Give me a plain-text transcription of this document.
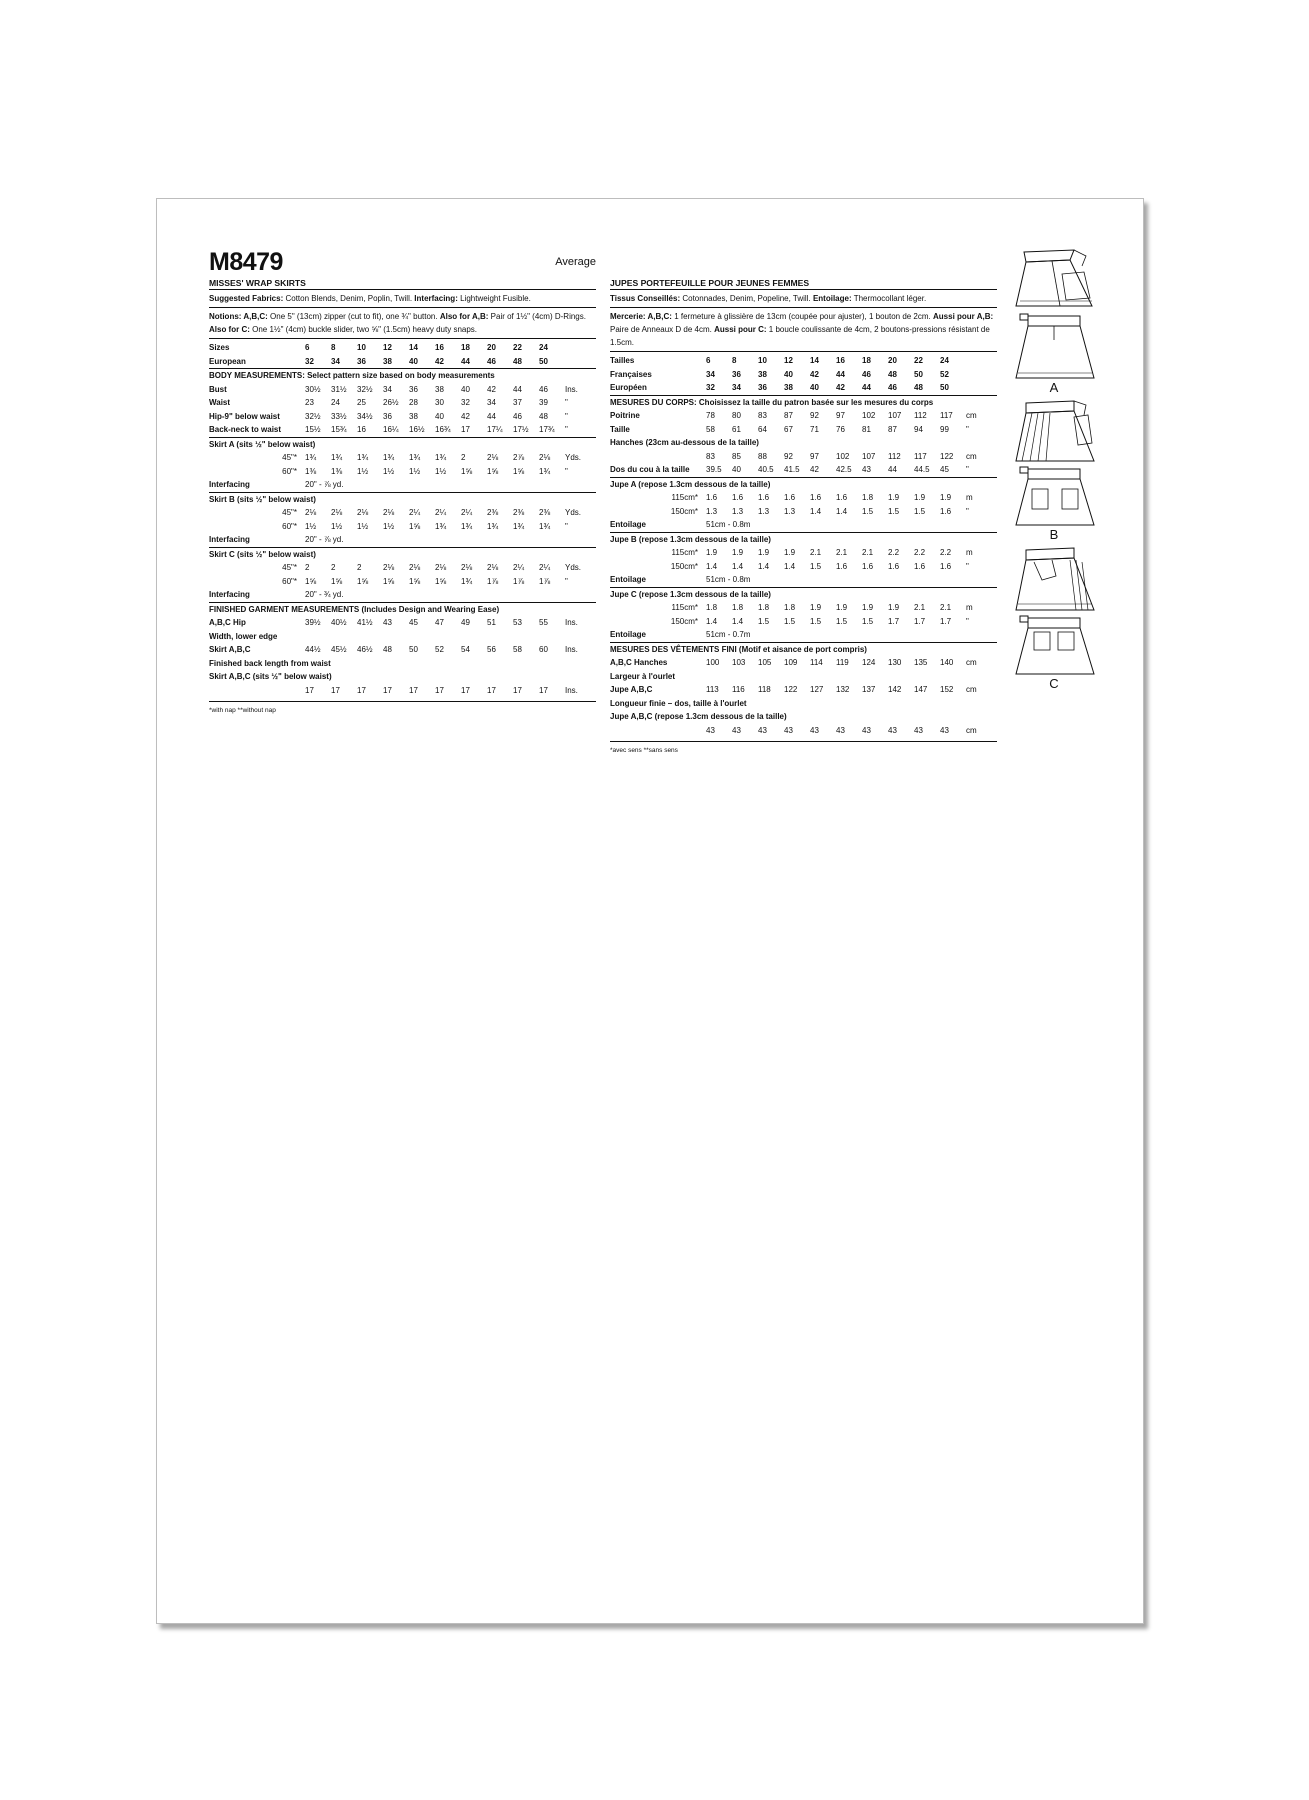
M8479	Average
MISSES' WRAP SKIRTS
Suggested Fabrics: Cotton Blends, Denim, Poplin, Twill. Interfacing: Lightweight Fusible.
Notions: A,B,C: One 5" (13cm) zipper (cut to fit), one ¾" button. Also for A,B: Pair of 1½" (4cm) D-Rings. Also for C: One 1½" (4cm) buckle slider, two ⅝" (1.5cm) heavy duty snaps.
Sizes	6	8	10	12	14	16	18	20	22	24	
European	32	34	36	38	40	42	44	46	48	50	
BODY MEASUREMENTS: Select pattern size based on body measurements											
Bust	30½	31½	32½	34	36	38	40	42	44	46	Ins.
Waist	23	24	25	26½	28	30	32	34	37	39	"
Hip-9" below waist	32½	33½	34½	36	38	40	42	44	46	48	"
Back-neck to waist	15½	15¾	16	16¼	16½	16¾	17	17¼	17½	17¾	"
Skirt A (sits ½" below waist)											
45"*	1¾	1¾	1¾	1¾	1¾	1¾	2	2⅛	2⅞	2⅛	Yds.
60"*	1⅜	1⅜	1½	1½	1½	1½	1⅝	1⅝	1⅝	1¾	"
Interfacing	20" - ⅞ yd.										
Skirt B (sits ½" below waist)											
45"*	2⅛	2⅛	2⅛	2⅛	2¼	2¼	2¼	2⅜	2⅜	2⅜	Yds.
60"*	1½	1½	1½	1½	1⅝	1¾	1¾	1¾	1¾	1¾	"
Interfacing	20" - ⅞ yd.										
Skirt C (sits ½" below waist)											
45"*	2	2	2	2⅛	2⅛	2⅛	2⅛	2⅛	2¼	2¼	Yds.
60"*	1⅝	1⅝	1⅝	1⅝	1⅝	1⅝	1¾	1⅞	1⅞	1⅞	"
Interfacing	20" - ¾ yd.										
FINISHED GARMENT MEASUREMENTS (Includes Design and Wearing Ease)											
A,B,C Hip	39½	40½	41½	43	45	47	49	51	53	55	Ins.
Width, lower edge											
Skirt A,B,C	44½	45½	46½	48	50	52	54	56	58	60	Ins.
Finished back length from waist											
Skirt A,B,C (sits ½" below waist)											
	17	17	17	17	17	17	17	17	17	17	Ins.
*with nap **without nap
JUPES PORTEFEUILLE POUR JEUNES FEMMES
Tissus Conseillés: Cotonnades, Denim, Popeline, Twill. Entoilage: Thermocollant léger.
Mercerie: A,B,C: 1 fermeture à glissière de 13cm (coupée pour ajuster), 1 bouton de 2cm. Aussi pour A,B: Paire de Anneaux D de 4cm. Aussi pour C: 1 boucle coulissante de 4cm, 2 boutons-pressions résistant de 1.5cm.
Tailles	6	8	10	12	14	16	18	20	22	24	
Françaises	34	36	38	40	42	44	46	48	50	52	
Européen	32	34	36	38	40	42	44	46	48	50	
MESURES DU CORPS: Choisissez la taille du patron basée sur les mesures du corps											
Poitrine	78	80	83	87	92	97	102	107	112	117	cm
Taille	58	61	64	67	71	76	81	87	94	99	"
Hanches (23cm au-dessous de la taille)											
	83	85	88	92	97	102	107	112	117	122	cm
Dos du cou à la taille	39.5	40	40.5	41.5	42	42.5	43	44	44.5	45	"
Jupe A (repose 1.3cm dessous de la taille)											
115cm*	1.6	1.6	1.6	1.6	1.6	1.6	1.8	1.9	1.9	1.9	m
150cm*	1.3	1.3	1.3	1.3	1.4	1.4	1.5	1.5	1.5	1.6	"
Entoilage	51cm - 0.8m										
Jupe B (repose 1.3cm dessous de la taille)											
115cm*	1.9	1.9	1.9	1.9	2.1	2.1	2.1	2.2	2.2	2.2	m
150cm*	1.4	1.4	1.4	1.4	1.5	1.6	1.6	1.6	1.6	1.6	"
Entoilage	51cm - 0.8m										
Jupe C (repose 1.3cm dessous de la taille)											
115cm*	1.8	1.8	1.8	1.8	1.9	1.9	1.9	1.9	2.1	2.1	m
150cm*	1.4	1.4	1.5	1.5	1.5	1.5	1.5	1.7	1.7	1.7	"
Entoilage	51cm - 0.7m										
MESURES DES VÊTEMENTS FINI (Motif et aisance de port compris)											
A,B,C Hanches	100	103	105	109	114	119	124	130	135	140	cm
Largeur à l'ourlet											
Jupe A,B,C	113	116	118	122	127	132	137	142	147	152	cm
Longueur finie – dos, taille à l'ourlet											
Jupe A,B,C (repose 1.3cm dessous de la taille)											
	43	43	43	43	43	43	43	43	43	43	cm
*avec sens **sans sens
A
B
C
